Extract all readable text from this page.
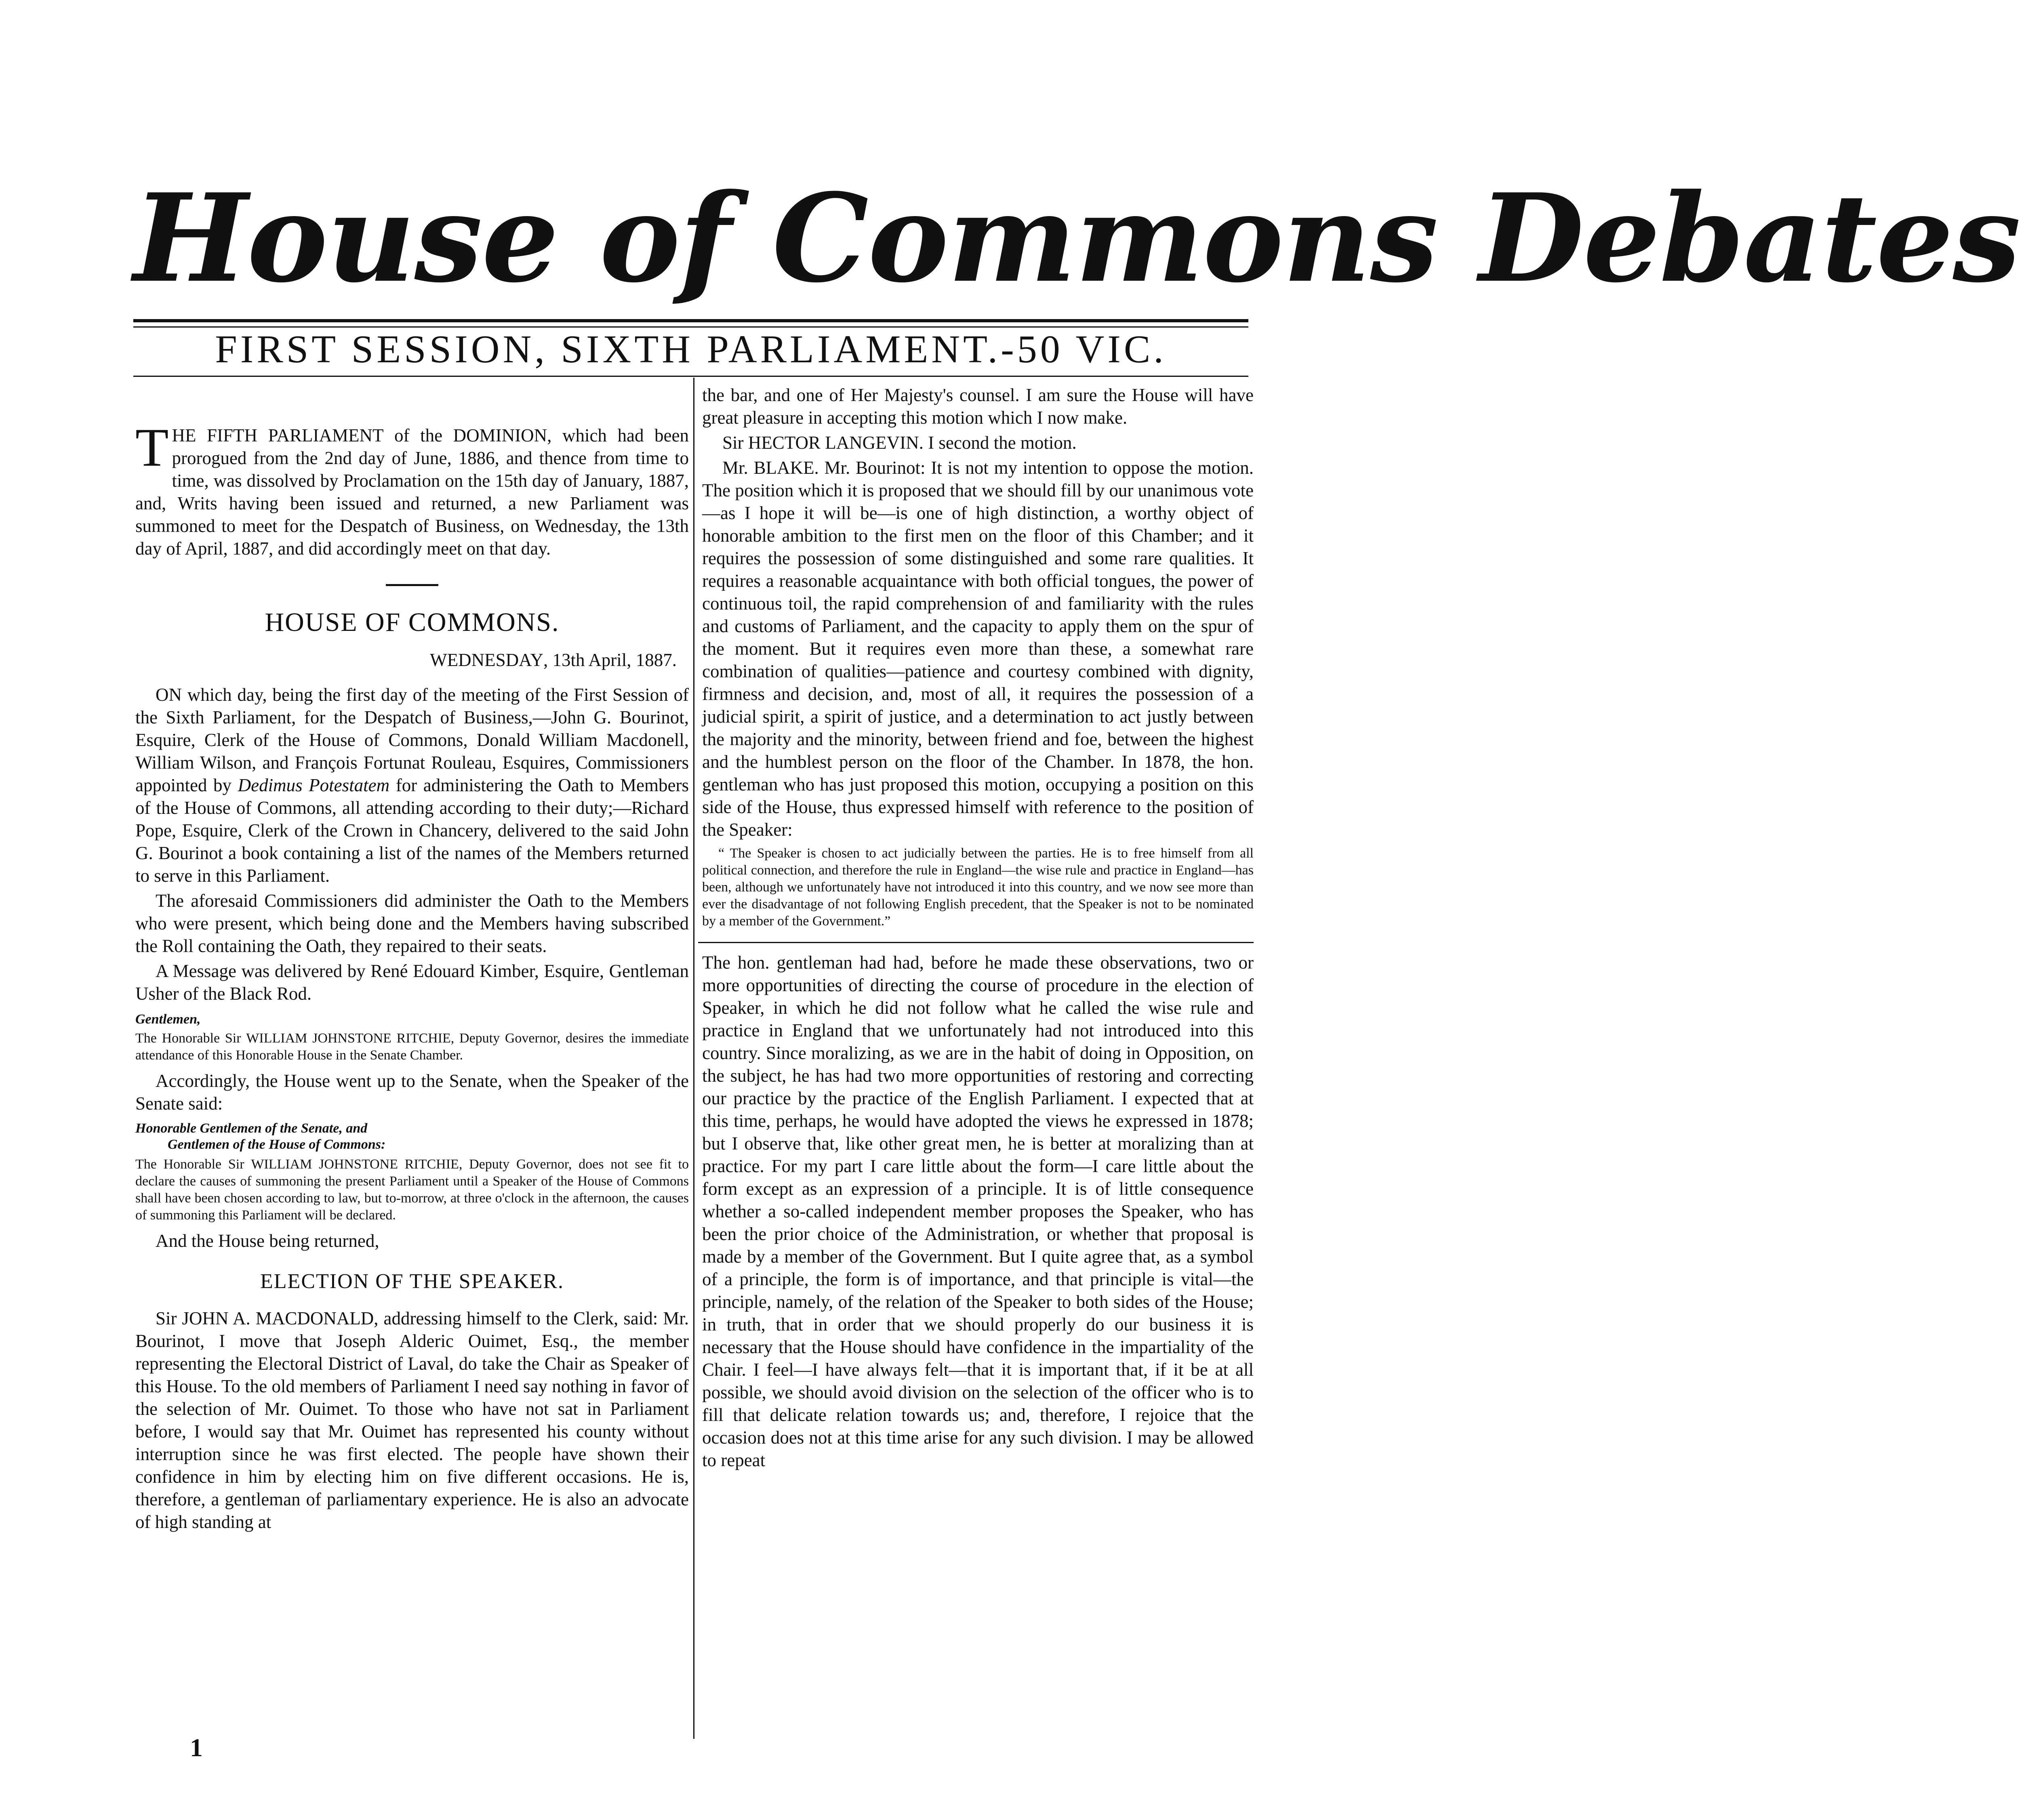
House of Commons Debates
FIRST SESSION, SIXTH PARLIAMENT.-50 VIC.

THE FIFTH PARLIAMENT of the DOMINION, which had been prorogued from the 2nd day of June, 1886, and thence from time to time, was dissolved by Proclamation on the 15th day of January, 1887, and, Writs having been issued and returned, a new Parliament was summoned to meet for the Despatch of Business, on Wednesday, the 13th day of April, 1887, and did accordingly meet on that day.

HOUSE OF COMMONS.
WEDNESDAY, 13th April, 1887.

ON which day, being the first day of the meeting of the First Session of the Sixth Parliament, for the Despatch of Business,—John G. Bourinot, Esquire, Clerk of the House of Commons, Donald William Macdonell, William Wilson, and François Fortunat Rouleau, Esquires, Commissioners appointed by Dedimus Potestatem for administering the Oath to Members of the House of Commons, all attending according to their duty;—Richard Pope, Esquire, Clerk of the Crown in Chancery, delivered to the said John G. Bourinot a book containing a list of the names of the Members returned to serve in this Parliament.

The aforesaid Commissioners did administer the Oath to the Members who were present, which being done and the Members having subscribed the Roll containing the Oath, they repaired to their seats.

A Message was delivered by René Edouard Kimber, Esquire, Gentleman Usher of the Black Rod.

Gentlemen,
The Honorable Sir WILLIAM JOHNSTONE RITCHIE, Deputy Governor, desires the immediate attendance of this Honorable House in the Senate Chamber.

Accordingly, the House went up to the Senate, when the Speaker of the Senate said:

Honorable Gentlemen of the Senate, and
Gentlemen of the House of Commons:
The Honorable Sir WILLIAM JOHNSTONE RITCHIE, Deputy Governor, does not see fit to declare the causes of summoning the present Parliament until a Speaker of the House of Commons shall have been chosen according to law, but to-morrow, at three o'clock in the afternoon, the causes of summoning this Parliament will be declared.

And the House being returned,

ELECTION OF THE SPEAKER.

Sir JOHN A. MACDONALD, addressing himself to the Clerk, said: Mr. Bourinot, I move that Joseph Alderic Ouimet, Esq., the member representing the Electoral District of Laval, do take the Chair as Speaker of this House. To the old members of Parliament I need say nothing in favor of the selection of Mr. Ouimet. To those who have not sat in Parliament before, I would say that Mr. Ouimet has represented his county without interruption since he was first elected. The people have shown their confidence in him by electing him on five different occasions. He is, therefore, a gentleman of parliamentary experience. He is also an advocate of high standing at

the bar, and one of Her Majesty's counsel. I am sure the House will have great pleasure in accepting this motion which I now make.

Sir HECTOR LANGEVIN. I second the motion.

Mr. BLAKE. Mr. Bourinot: It is not my intention to oppose the motion. The position which it is proposed that we should fill by our unanimous vote—as I hope it will be—is one of high distinction, a worthy object of honorable ambition to the first men on the floor of this Chamber; and it requires the possession of some distinguished and some rare qualities. It requires a reasonable acquaintance with both official tongues, the power of continuous toil, the rapid comprehension of and familiarity with the rules and customs of Parliament, and the capacity to apply them on the spur of the moment. But it requires even more than these, a somewhat rare combination of qualities—patience and courtesy combined with dignity, firmness and decision, and, most of all, it requires the possession of a judicial spirit, a spirit of justice, and a determination to act justly between the majority and the minority, between friend and foe, between the highest and the humblest person on the floor of the Chamber. In 1878, the hon. gentleman who has just proposed this motion, occupying a position on this side of the House, thus expressed himself with reference to the position of the Speaker:

“ The Speaker is chosen to act judicially between the parties. He is to free himself from all political connection, and therefore the rule in England—the wise rule and practice in England—has been, although we unfortunately have not introduced it into this country, and we now see more than ever the disadvantage of not following English precedent, that the Speaker is not to be nominated by a member of the Government.”

The hon. gentleman had had, before he made these observations, two or more opportunities of directing the course of procedure in the election of Speaker, in which he did not follow what he called the wise rule and practice in England that we unfortunately had not introduced into this country. Since moralizing, as we are in the habit of doing in Opposition, on the subject, he has had two more opportunities of restoring and correcting our practice by the practice of the English Parliament. I expected that at this time, perhaps, he would have adopted the views he expressed in 1878; but I observe that, like other great men, he is better at moralizing than at practice. For my part I care little about the form—I care little about the form except as an expression of a principle. It is of little consequence whether a so-called independent member proposes the Speaker, who has been the prior choice of the Administration, or whether that proposal is made by a member of the Government. But I quite agree that, as a symbol of a principle, the form is of importance, and that principle is vital—the principle, namely, of the relation of the Speaker to both sides of the House; in truth, that in order that we should properly do our business it is necessary that the House should have confidence in the impartiality of the Chair. I feel—I have always felt—that it is important that, if it be at all possible, we should avoid division on the selection of the officer who is to fill that delicate relation towards us; and, therefore, I rejoice that the occasion does not at this time arise for any such division. I may be allowed to repeat

1
